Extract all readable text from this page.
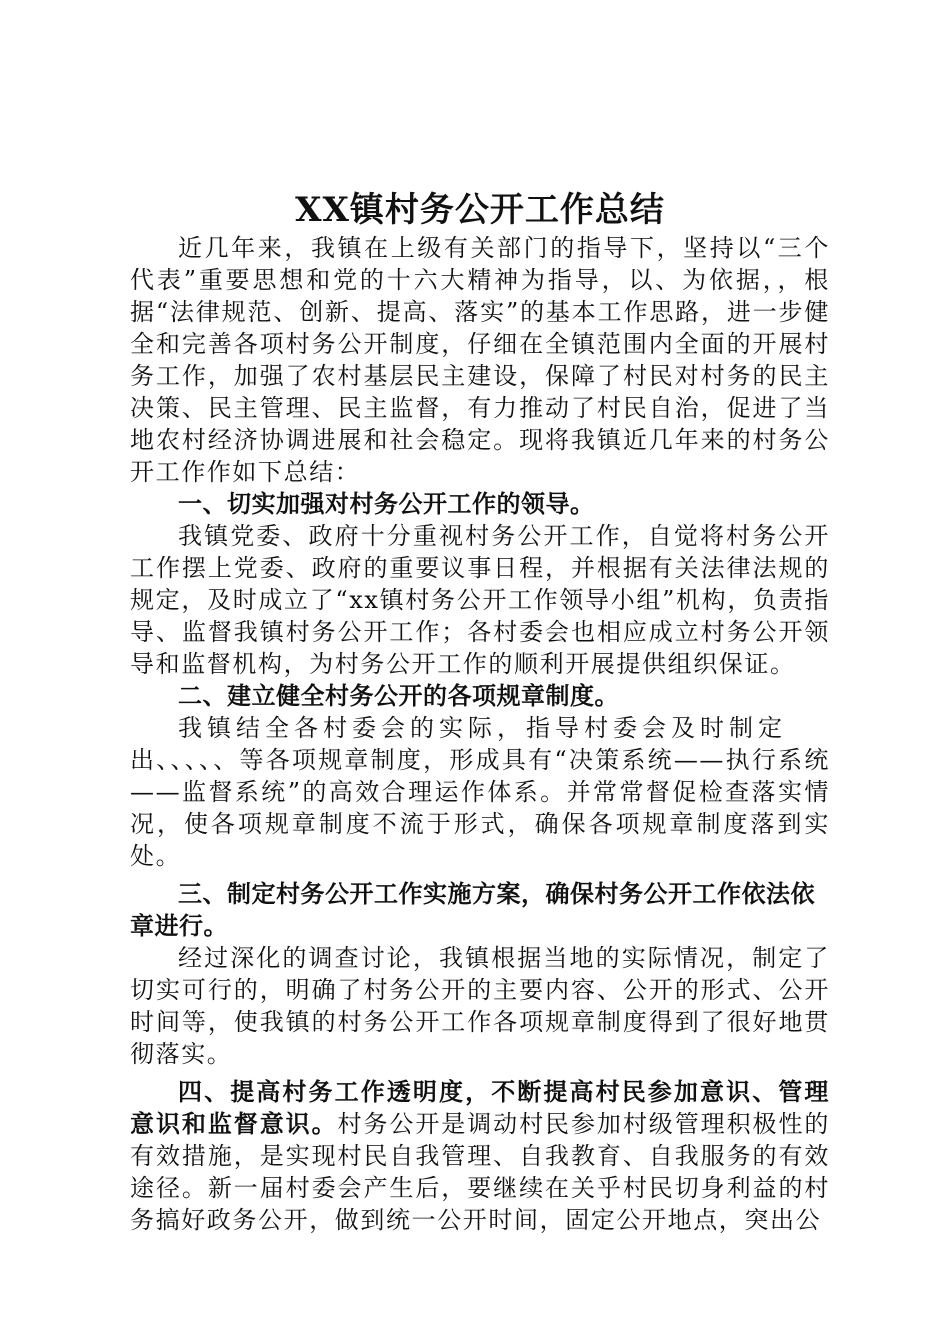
XX镇村务公开工作总结

近几年来，我镇在上级有关部门的指导下，坚持以“三个代表”重要思想和党的十六大精神为指导，以、为依据，，根据“法律规范、创新、提高、落实”的基本工作思路，进一步健全和完善各项村务公开制度，仔细在全镇范围内全面的开展村务工作，加强了农村基层民主建设，保障了村民对村务的民主决策、民主管理、民主监督，有力推动了村民自治，促进了当地农村经济协调进展和社会稳定。现将我镇近几年来的村务公开工作作如下总结：

一、切实加强对村务公开工作的领导。

我镇党委、政府十分重视村务公开工作，自觉将村务公开工作摆上党委、政府的重要议事日程，并根据有关法律法规的规定，及时成立了“xx镇村务公开工作领导小组”机构，负责指导、监督我镇村务公开工作；各村委会也相应成立村务公开领导和监督机构，为村务公开工作的顺利开展提供组织保证。

二、建立健全村务公开的各项规章制度。

我镇结全各村委会的实际，指导村委会及时制定

出、、、、、等各项规章制度，形成具有“决策系统——执行系统——监督系统”的高效合理运作体系。并常常督促检查落实情况，使各项规章制度不流于形式，确保各项规章制度落到实处。

三、制定村务公开工作实施方案，确保村务公开工作依法依章进行。

经过深化的调查讨论，我镇根据当地的实际情况，制定了切实可行的，明确了村务公开的主要内容、公开的形式、公开时间等，使我镇的村务公开工作各项规章制度得到了很好地贯彻落实。

四、提高村务工作透明度，不断提高村民参加意识、管理意识和监督意识。村务公开是调动村民参加村级管理积极性的有效措施，是实现村民自我管理、自我教育、自我服务的有效途径。新一届村委会产生后，要继续在关乎村民切身利益的村务搞好政务公开，做到统一公开时间，固定公开地点，突出公
